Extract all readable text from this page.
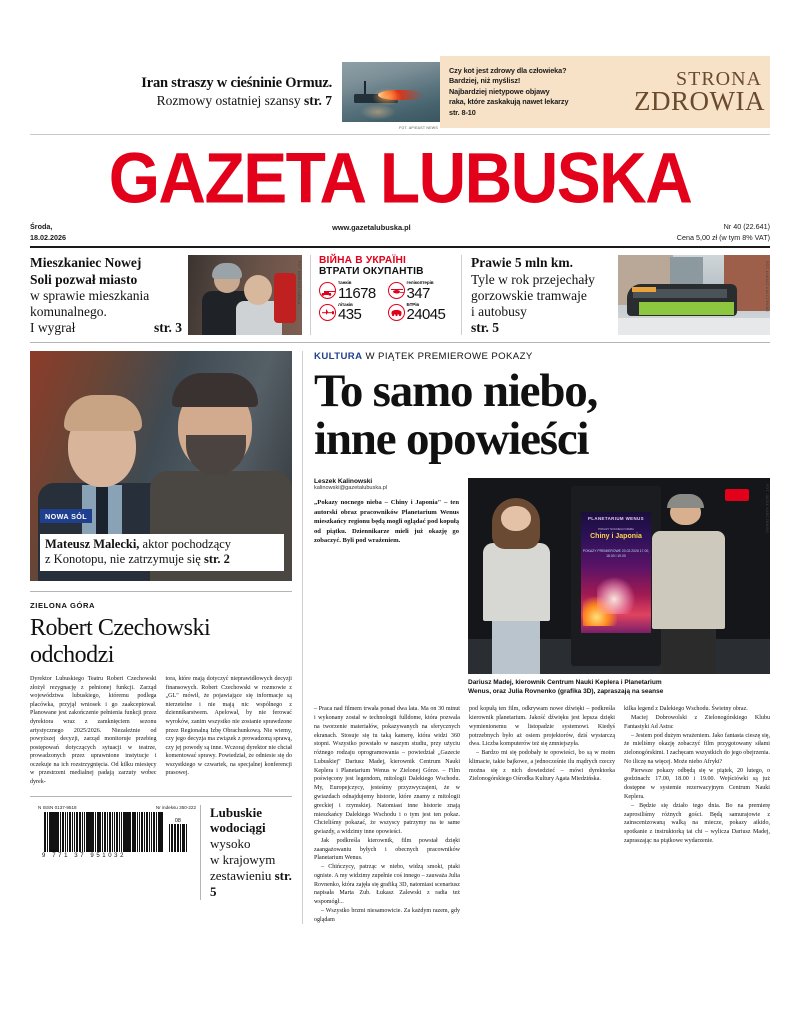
Iran straszy w cieśninie Ormuz.
Rozmowy ostatniej szansy str. 7
FOT. AP/EAST NEWS
Czy kot jest zdrowy dla człowieka?
Bardziej, niż myślisz!
Najbardziej nietypowe objawy
raka, które zaskakują nawet lekarzy
str. 8-10
STRONA
ZDROWIA
GAZETA LUBUSKA
Środa,
18.02.2026
www.gazetalubuska.pl	Nr 40 (22.641)
Cena 5,00 zł (w tym 8% VAT)
Mieszkaniec Nowej
Soli pozwał miasto
w sprawie mieszkania
komunalnego.
I wygrał	str. 3
FOT. MARIUSZ KAPALA
ВІЙНА В УКРАЇНІ
ВТРАТИ ОКУПАНТІВ
танків
11678
гелікоптерів
347
літаків
435
БТРів
24045
Prawie 5 mln km.
Tyle w rok przejechały
gorzowskie tramwaje
i autobusy
str. 5
FOT. ŁUKASZ KULCZYŃSKI
NOWA SÓL
Mateusz Malecki, aktor pochodzący
z Konotopu, nie zatrzymuje się str. 2
ZIELONA GÓRA
Robert Czechowski odchodzi

Dyrektor Lubuskiego Teatru Robert Czechowski złożył rezygnację z pełnionej funkcji. Zarząd województwa lubuskiego, któremu podlega placówka, przyjął wniosek i go zaakceptował. Planowane jest zakończenie pełnienia funkcji przez dyrektora wraz z zamknięciem sezonu artystycznego 2025/2026. Niezależnie od powyższej decyzji, zarząd monitoruje przebieg postępowań dotyczących sytuacji w teatrze, prowadzonych przez uprawnione instytucje i oczekuje na ich rozstrzygnięcia. Od kilku miesięcy w przestrzeni medialnej padają zarzuty wobec dyrek-

tora, które mają dotyczyć nieprawidłowych decyzji finansowych. Robert Czechowski w rozmowie z „GL" mówił, że pojawiające się informacje są nierzetelne i nie mają nic wspólnego z dziennikarstwem. Apelował, by nie ferować wyroków, zanim wszystko nie zostanie sprawdzone przez Regionalną Izbę Obrachunkową. Nie wiemy, czy jego decyzja ma związek z prowadzoną sprawą, czy jej powody są inne. Wczoraj dyrektor nie chciał komentować sprawy. Powiedział, że odniesie się do wszystkiego w czwartek, na specjalnej konferencji prasowej.

N ISSN 0137-9518	Nr indeksu 350-222
08
9 771 37 951032
Lubuskie
wodociągi wysoko
w krajowym
zestawieniu str. 5
KULTURA W PIĄTEK PREMIEROWE POKAZY
To samo niebo,
inne opowieści
Leszek Kalinowski
kalinowski@gazetalubuska.pl
„Pokazy nocnego nieba – Chiny i Japonia" – ten autorski obraz pracowników Planetarium Wenus mieszkańcy regionu będą mogli oglądać pod kopułą od piątku. Dziennikarze mieli już okazję go zobaczyć. Byli pod wrażeniem.
PLANETARIUM WENUS
POKAZY NOCNEGO NIEBA
Chiny i Japonia
POKAZY PREMIEROWE 20.02.2026 17.00, 18.00 i 19.00
FOT. JACEK KARCZEWSKI
Dariusz Madej, kierownik Centrum Nauki Keplera i Planetarium
Wenus, oraz Julia Rovnenko (grafika 3D), zapraszają na seanse

– Praca nad filmem trwała ponad dwa lata. Ma on 30 minut i wykonany został w technologii fulldome, która pozwala na tworzenie materiałów, pokazywanych na sferycznych ekranach. Stosuje się tu taką kamerę, która widzi 360 stopni. Wszystko powstało w naszym studiu, przy użyciu różnego rodzaju oprogramowania – powiedział „Gazecie Lubuskiej" Dariusz Madej, kierownik Centrum Nauki Keplera i Planetarium Wenus w Zielonej Górze. – Film poświęcony jest legendom, mitologii Dalekiego Wschodu. My, Europejczycy, jesteśmy przyzwyczajeni, że w gwiazdach odnajdujemy historie, które znamy z mitologii greckiej i rzymskiej. Natomiast inne historie znają mieszkańcy Dalekiego Wschodu i o tym jest ten pokaz. Chcieliśmy pokazać, że wszyscy patrzymy na te same gwiazdy, a widzimy inne opowieści.

Jak podkreśla kierownik, film powstał dzięki zaangażowaniu byłych i obecnych pracowników Planetarium Wenus.

– Chińczycy, patrząc w niebo, widzą smoki, ptaki ogniste. A my widzimy zupełnie coś innego – zauważa Julia Rovnenko, która zajęła się grafiką 3D, natomiast scenariusz napisała Marta Zub. Łukasz Zalewski z radia też wspomógł...

– Wszystko brzmi niesamowicie. Za każdym razem, gdy oglądam

pod kopułą ten film, odkrywam nowe dźwięki – podkreśla kierownik planetarium. Jakość dźwięku jest lepsza dzięki wymienionemu w listopadzie systemowi. Kiedyś potrzebnych było aż osiem projektorów, dziś wystarczą dwa. Liczba komputerów też się zmniejszyła.

– Bardzo mi się podobały te opowieści, bo są w moim klimacie, takie bajkowe, a jednocześnie ilu mądrych rzeczy można się z nich dowiedzieć – mówi dyrektorka Zielonogórskiego Ośrodka Kultury Agata Miedzińska.

kilka legend z Dalekiego Wschodu. Świetny obraz.

Maciej Dobrowolski z Zielonogórskiego Klubu Fantastyki Ad Astra:

– Jestem pod dużym wrażeniem. Jako fantasta cieszę się, że mieliśmy okazję zobaczyć film przygotowany siłami zielonogórskimi. I zachęcam wszystkich do jego obejrzenia. No iliczę na więcej. Może niebo Afryki?

Pierwsze pokazy odbędą się w piątek, 20 lutego, o godzinach: 17.00, 18.00 i 19.00. Wejściówki są już dostępne w systemie rezerwacyjnym Centrum Nauki Keplera.

– Będzie się działo tego dnia. Bo na premierę zaprosiliśmy różnych gości. Będą samurajowie z zainscenizowaną walką na miecze, pokazy aikido, spotkanie z instruktorką tai chi – wylicza Dariusz Madej, zapraszając na piątkowe wydarzenie.
